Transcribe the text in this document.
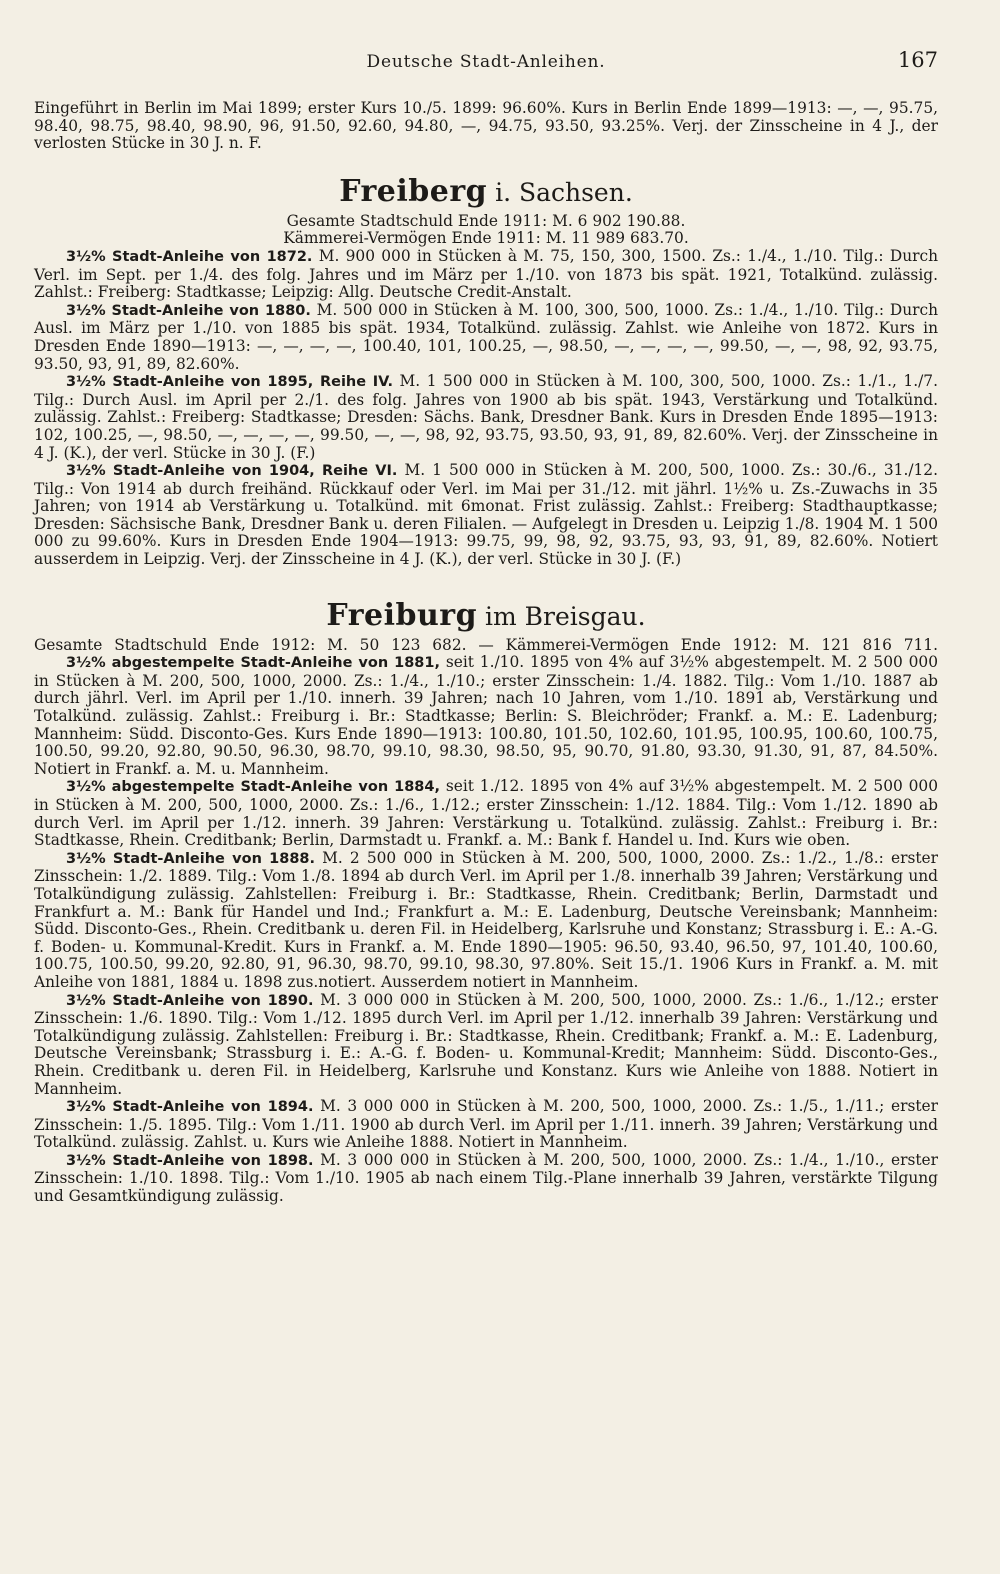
Deutsche Stadt-Anleihen.	167

Eingeführt in Berlin im Mai 1899; erster Kurs 10./5. 1899: 96.60%. Kurs in Berlin Ende 1899—1913: —, —, 95.75, 98.40, 98.75, 98.40, 98.90, 96, 91.50, 92.60, 94.80, —, 94.75, 93.50, 93.25%. Verj. der Zinsscheine in 4 J., der verlosten Stücke in 30 J. n. F.

Freiberg i. Sachsen.
Gesamte Stadtschuld Ende 1911: M. 6 902 190.88.
Kämmerei-Vermögen Ende 1911: M. 11 989 683.70.

3½% Stadt-Anleihe von 1872. M. 900 000 in Stücken à M. 75, 150, 300, 1500. Zs.: 1./4., 1./10. Tilg.: Durch Verl. im Sept. per 1./4. des folg. Jahres und im März per 1./10. von 1873 bis spät. 1921, Totalkünd. zulässig. Zahlst.: Freiberg: Stadtkasse; Leipzig: Allg. Deutsche Credit-Anstalt.

3½% Stadt-Anleihe von 1880. M. 500 000 in Stücken à M. 100, 300, 500, 1000. Zs.: 1./4., 1./10. Tilg.: Durch Ausl. im März per 1./10. von 1885 bis spät. 1934, Totalkünd. zulässig. Zahlst. wie Anleihe von 1872. Kurs in Dresden Ende 1890—1913: —, —, —, —, 100.40, 101, 100.25, —, 98.50, —, —, —, —, 99.50, —, —, 98, 92, 93.75, 93.50, 93, 91, 89, 82.60%.

3½% Stadt-Anleihe von 1895, Reihe IV. M. 1 500 000 in Stücken à M. 100, 300, 500, 1000. Zs.: 1./1., 1./7. Tilg.: Durch Ausl. im April per 2./1. des folg. Jahres von 1900 ab bis spät. 1943, Verstärkung und Totalkünd. zulässig. Zahlst.: Freiberg: Stadtkasse; Dresden: Sächs. Bank, Dresdner Bank. Kurs in Dresden Ende 1895—1913: 102, 100.25, —, 98.50, —, —, —, —, 99.50, —, —, 98, 92, 93.75, 93.50, 93, 91, 89, 82.60%. Verj. der Zinsscheine in 4 J. (K.), der verl. Stücke in 30 J. (F.)

3½% Stadt-Anleihe von 1904, Reihe VI. M. 1 500 000 in Stücken à M. 200, 500, 1000. Zs.: 30./6., 31./12. Tilg.: Von 1914 ab durch freihänd. Rückkauf oder Verl. im Mai per 31./12. mit jährl. 1½% u. Zs.-Zuwachs in 35 Jahren; von 1914 ab Verstärkung u. Totalkünd. mit 6monat. Frist zulässig. Zahlst.: Freiberg: Stadthauptkasse; Dresden: Sächsische Bank, Dresdner Bank u. deren Filialen. — Aufgelegt in Dresden u. Leipzig 1./8. 1904 M. 1 500 000 zu 99.60%. Kurs in Dresden Ende 1904—1913: 99.75, 99, 98, 92, 93.75, 93, 93, 91, 89, 82.60%. Notiert ausserdem in Leipzig. Verj. der Zinsscheine in 4 J. (K.), der verl. Stücke in 30 J. (F.)

Freiburg im Breisgau.
Gesamte Stadtschuld Ende 1912: M. 50 123 682. — Kämmerei-Vermögen Ende 1912: M. 121 816 711.

3½% abgestempelte Stadt-Anleihe von 1881, seit 1./10. 1895 von 4% auf 3½% abgestempelt. M. 2 500 000 in Stücken à M. 200, 500, 1000, 2000. Zs.: 1./4., 1./10.; erster Zinsschein: 1./4. 1882. Tilg.: Vom 1./10. 1887 ab durch jährl. Verl. im April per 1./10. innerh. 39 Jahren; nach 10 Jahren, vom 1./10. 1891 ab, Verstärkung und Totalkünd. zulässig. Zahlst.: Freiburg i. Br.: Stadtkasse; Berlin: S. Bleichröder; Frankf. a. M.: E. Ladenburg; Mannheim: Südd. Disconto-Ges. Kurs Ende 1890—1913: 100.80, 101.50, 102.60, 101.95, 100.95, 100.60, 100.75, 100.50, 99.20, 92.80, 90.50, 96.30, 98.70, 99.10, 98.30, 98.50, 95, 90.70, 91.80, 93.30, 91.30, 91, 87, 84.50%. Notiert in Frankf. a. M. u. Mannheim.

3½% abgestempelte Stadt-Anleihe von 1884, seit 1./12. 1895 von 4% auf 3½% abgestempelt. M. 2 500 000 in Stücken à M. 200, 500, 1000, 2000. Zs.: 1./6., 1./12.; erster Zinsschein: 1./12. 1884. Tilg.: Vom 1./12. 1890 ab durch Verl. im April per 1./12. innerh. 39 Jahren: Verstärkung u. Totalkünd. zulässig. Zahlst.: Freiburg i. Br.: Stadtkasse, Rhein. Creditbank; Berlin, Darmstadt u. Frankf. a. M.: Bank f. Handel u. Ind. Kurs wie oben.

3½% Stadt-Anleihe von 1888. M. 2 500 000 in Stücken à M. 200, 500, 1000, 2000. Zs.: 1./2., 1./8.: erster Zinsschein: 1./2. 1889. Tilg.: Vom 1./8. 1894 ab durch Verl. im April per 1./8. innerhalb 39 Jahren; Verstärkung und Totalkündigung zulässig. Zahlstellen: Freiburg i. Br.: Stadtkasse, Rhein. Creditbank; Berlin, Darmstadt und Frankfurt a. M.: Bank für Handel und Ind.; Frankfurt a. M.: E. Ladenburg, Deutsche Vereinsbank; Mannheim: Südd. Disconto-Ges., Rhein. Creditbank u. deren Fil. in Heidelberg, Karlsruhe und Konstanz; Strassburg i. E.: A.-G. f. Boden- u. Kommunal-Kredit. Kurs in Frankf. a. M. Ende 1890—1905: 96.50, 93.40, 96.50, 97, 101.40, 100.60, 100.75, 100.50, 99.20, 92.80, 91, 96.30, 98.70, 99.10, 98.30, 97.80%. Seit 15./1. 1906 Kurs in Frankf. a. M. mit Anleihe von 1881, 1884 u. 1898 zus.notiert. Ausserdem notiert in Mannheim.

3½% Stadt-Anleihe von 1890. M. 3 000 000 in Stücken à M. 200, 500, 1000, 2000. Zs.: 1./6., 1./12.; erster Zinsschein: 1./6. 1890. Tilg.: Vom 1./12. 1895 durch Verl. im April per 1./12. innerhalb 39 Jahren: Verstärkung und Totalkündigung zulässig. Zahlstellen: Freiburg i. Br.: Stadtkasse, Rhein. Creditbank; Frankf. a. M.: E. Ladenburg, Deutsche Vereinsbank; Strassburg i. E.: A.-G. f. Boden- u. Kommunal-Kredit; Mannheim: Südd. Disconto-Ges., Rhein. Creditbank u. deren Fil. in Heidelberg, Karlsruhe und Konstanz. Kurs wie Anleihe von 1888. Notiert in Mannheim.

3½% Stadt-Anleihe von 1894. M. 3 000 000 in Stücken à M. 200, 500, 1000, 2000. Zs.: 1./5., 1./11.; erster Zinsschein: 1./5. 1895. Tilg.: Vom 1./11. 1900 ab durch Verl. im April per 1./11. innerh. 39 Jahren; Verstärkung und Totalkünd. zulässig. Zahlst. u. Kurs wie Anleihe 1888. Notiert in Mannheim.

3½% Stadt-Anleihe von 1898. M. 3 000 000 in Stücken à M. 200, 500, 1000, 2000. Zs.: 1./4., 1./10., erster Zinsschein: 1./10. 1898. Tilg.: Vom 1./10. 1905 ab nach einem Tilg.-Plane innerhalb 39 Jahren, verstärkte Tilgung und Gesamtkündigung zulässig.
